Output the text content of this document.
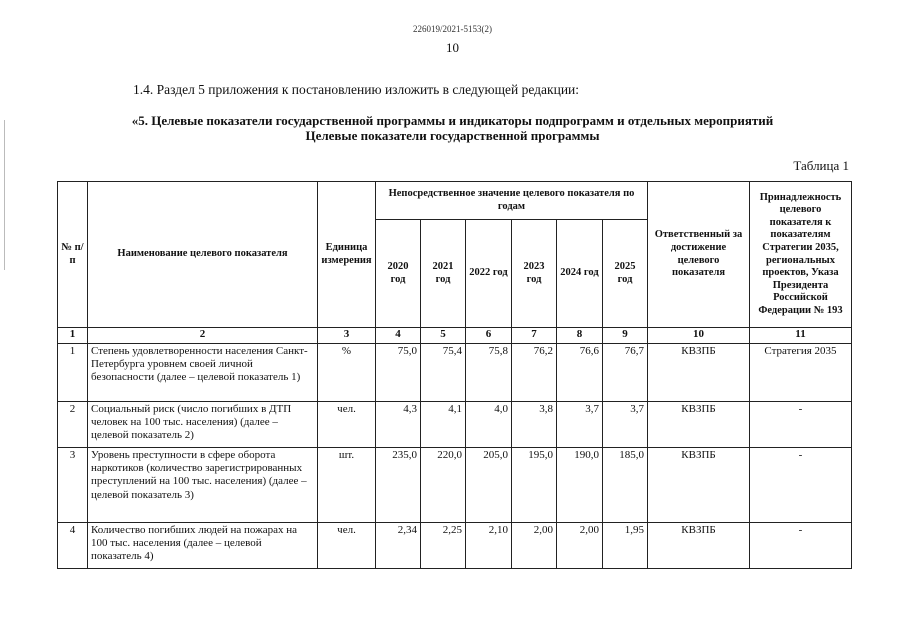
226019/2021-5153(2)
10
1.4. Раздел 5 приложения к постановлению изложить в следующей редакции:
«5. Целевые показатели государственной программы и индикаторы подпрограмм и отдельных мероприятий
Целевые показатели государственной программы
Таблица 1
№ п/п	Наименование целевого показателя	Единица измерения	Непосредственное значение целевого показателя по годам						Ответственный за достижение целевого показателя	Принадлежность целевого показателя к показателям Стратегии 2035, региональных проектов, Указа Президента Российской Федерации № 193
			2020 год	2021 год	2022 год	2023 год	2024 год	2025 год		
1	2	3	4	5	6	7	8	9	10	11
1	Степень удовлетворенности населения Санкт-Петербурга уровнем своей личной безопасности (далее – целевой показатель 1)	%	75,0	75,4	75,8	76,2	76,6	76,7	КВЗПБ	Стратегия 2035
2	Социальный риск (число погибших в ДТП человек на 100 тыс. населения) (далее – целевой показатель 2)	чел.	4,3	4,1	4,0	3,8	3,7	3,7	КВЗПБ	-
3	Уровень преступности в сфере оборота наркотиков (количество зарегистрированных преступлений на 100 тыс. населения) (далее – целевой показатель 3)	шт.	235,0	220,0	205,0	195,0	190,0	185,0	КВЗПБ	-
4	Количество погибших людей на пожарах на 100 тыс. населения (далее – целевой показатель 4)	чел.	2,34	2,25	2,10	2,00	2,00	1,95	КВЗПБ	-
